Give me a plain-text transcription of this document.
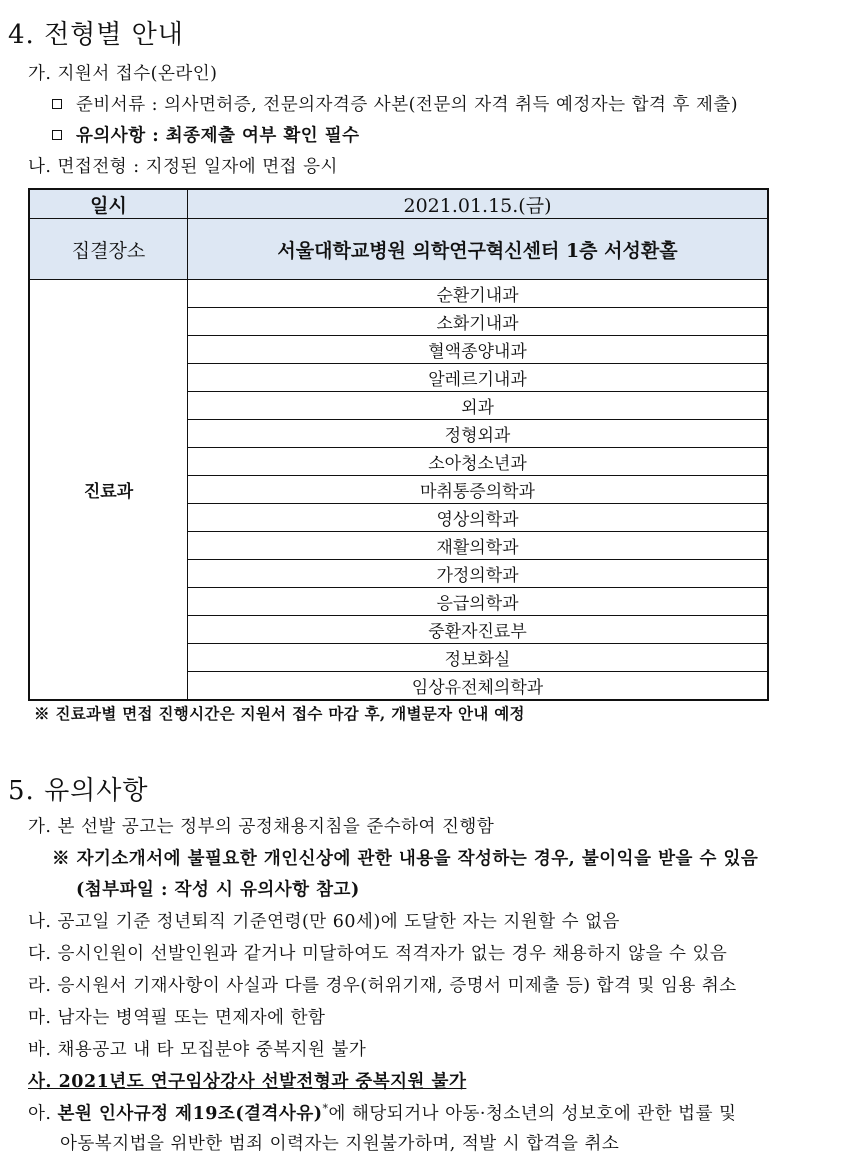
4. 전형별 안내
가. 지원서 접수(온라인)
준비서류 : 의사면허증, 전문의자격증 사본(전문의 자격 취득 예정자는 합격 후 제출)
유의사항 : 최종제출 여부 확인 필수
나. 면접전형 : 지정된 일자에 면접 응시
일시	2021.01.15.(금)
집결장소	서울대학교병원 의학연구혁신센터 1층 서성환홀
진료과	순환기내과
	소화기내과
	혈액종양내과
	알레르기내과
	외과
	정형외과
	소아청소년과
	마취통증의학과
	영상의학과
	재활의학과
	가정의학과
	응급의학과
	중환자진료부
	정보화실
	임상유전체의학과
※ 진료과별 면접 진행시간은 지원서 접수 마감 후, 개별문자 안내 예정
5. 유의사항
가. 본 선발 공고는 정부의 공정채용지침을 준수하여 진행함
※ 자기소개서에 불필요한 개인신상에 관한 내용을 작성하는 경우, 불이익을 받을 수 있음
(첨부파일 : 작성 시 유의사항 참고)
나. 공고일 기준 정년퇴직 기준연령(만 60세)에 도달한 자는 지원할 수 없음
다. 응시인원이 선발인원과 같거나 미달하여도 적격자가 없는 경우 채용하지 않을 수 있음
라. 응시원서 기재사항이 사실과 다를 경우(허위기재, 증명서 미제출 등) 합격 및 임용 취소
마. 남자는 병역필 또는 면제자에 한함
바. 채용공고 내 타 모집분야 중복지원 불가
사. 2021년도 연구임상강사 선발전형과 중복지원 불가
아. 본원 인사규정 제19조(결격사유)*에 해당되거나 아동·청소년의 성보호에 관한 법률 및
아동복지법을 위반한 범죄 이력자는 지원불가하며, 적발 시 합격을 취소
